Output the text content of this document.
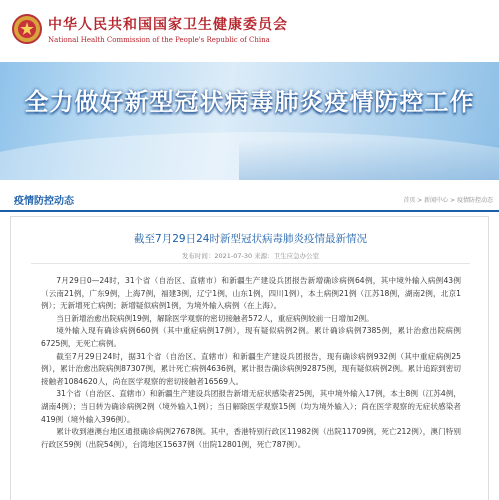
中华人民共和国国家卫生健康委员会
National Health Commission of the People's Republic of China
全力做好新型冠状病毒肺炎疫情防控工作
疫情防控动态	首页 > 新闻中心 > 疫情防控动态
截至7月29日24时新型冠状病毒肺炎疫情最新情况
发布时间：2021-07-30 来源：卫生应急办公室

7月29日0—24时，31个省（自治区、直辖市）和新疆生产建设兵团报告新增确诊病例64例，其中境外输入病例43例（云南21例，广东9例，上海7例，福建3例，辽宁1例，山东1例，四川1例），本土病例21例（江苏18例，湖南2例，北京1例）；无新增死亡病例；新增疑似病例1例，为境外输入病例（在上海）。

当日新增治愈出院病例19例，解除医学观察的密切接触者572人，重症病例较前一日增加2例。

境外输入现有确诊病例660例（其中重症病例17例），现有疑似病例2例。累计确诊病例7385例，累计治愈出院病例6725例，无死亡病例。

截至7月29日24时，据31个省（自治区、直辖市）和新疆生产建设兵团报告，现有确诊病例932例（其中重症病例25例），累计治愈出院病例87307例，累计死亡病例4636例，累计报告确诊病例92875例，现有疑似病例2例。累计追踪到密切接触者1084620人，尚在医学观察的密切接触者16569人。

31个省（自治区、直辖市）和新疆生产建设兵团报告新增无症状感染者25例，其中境外输入17例，本土8例（江苏4例，湖南4例）；当日转为确诊病例2例（境外输入1例）；当日解除医学观察15例（均为境外输入）；尚在医学观察的无症状感染者419例（境外输入396例）。

累计收到港澳台地区通报确诊病例27678例。其中，香港特别行政区11982例（出院11709例，死亡212例），澳门特别行政区59例（出院54例），台湾地区15637例（出院12801例，死亡787例）。
